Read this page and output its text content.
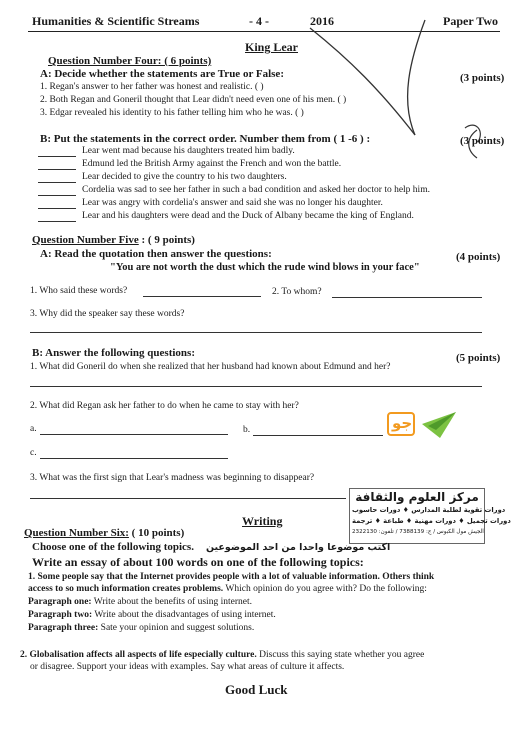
Humanities & Scientific Streams	- 4 -	2016	Paper Two
King Lear
Question Number Four: ( 6 points)
A: Decide whether the statements are True or False:	(3 points)
1. Regan's answer to her father was honest and realistic. ( )
2. Both Regan and Goneril thought that Lear didn't need even one of his men. ( )
3. Edgar revealed his identity to his father telling him who he was. ( )
B: Put the statements in the correct order. Number them from ( 1 -6 ) :	(3 points)
Lear went mad because his daughters treated him badly.
Edmund led the British Army against the French and won the battle.
Lear decided to give the country to his two daughters.
Cordelia was sad to see her father in such a bad condition and asked her doctor to help him.
Lear was angry with cordelia's answer and said she was no longer his daughter.
Lear and his daughters were dead and the Duck of Albany became the king of England.
Question Number Five : ( 9 points)
A: Read the quotation then answer the questions:	(4 points)
"You are not worth the dust which the rude wind blows in your face"
1. Who said these words?	2. To whom?
3. Why did the speaker say these words?
B: Answer the following questions:	(5 points)
1. What did Goneril do when she realized that her husband had known about Edmund and her?
2. What did Regan ask her father to do when he came to stay with her?
a.	b.
c.
جو
3. What was the first sign that Lear's madness was beginning to disappear?
مركز العلوم والثقافة
دورات تقوية لطلبة المدارس ♦ دورات حاسوب
دورات تجميل ♦ دورات مهنية ♦ طباعة ♦ ترجمة
الجيش مول الكبوس / ج: 7388139 / تلفون: 2322130
Writing
Question Number Six: ( 10 points)
Choose one of the following topics. اكتب موضوعا واحدا من احد الموضوعين
Write an essay of about 100 words on one of the following topics:
1. Some people say that the Internet provides people with a lot of valuable information. Others think
access to so much information creates problems. Which opinion do you agree with? Do the following:
Paragraph one: Write about the benefits of using internet.
Paragraph two: Write about the disadvantages of using internet.
Paragraph three: Sate your opinion and suggest solutions.
2. Globalisation affects all aspects of life especially culture. Discuss this saying state whether you agree
or disagree. Support your ideas with examples. Say what areas of culture it affects.
Good Luck
